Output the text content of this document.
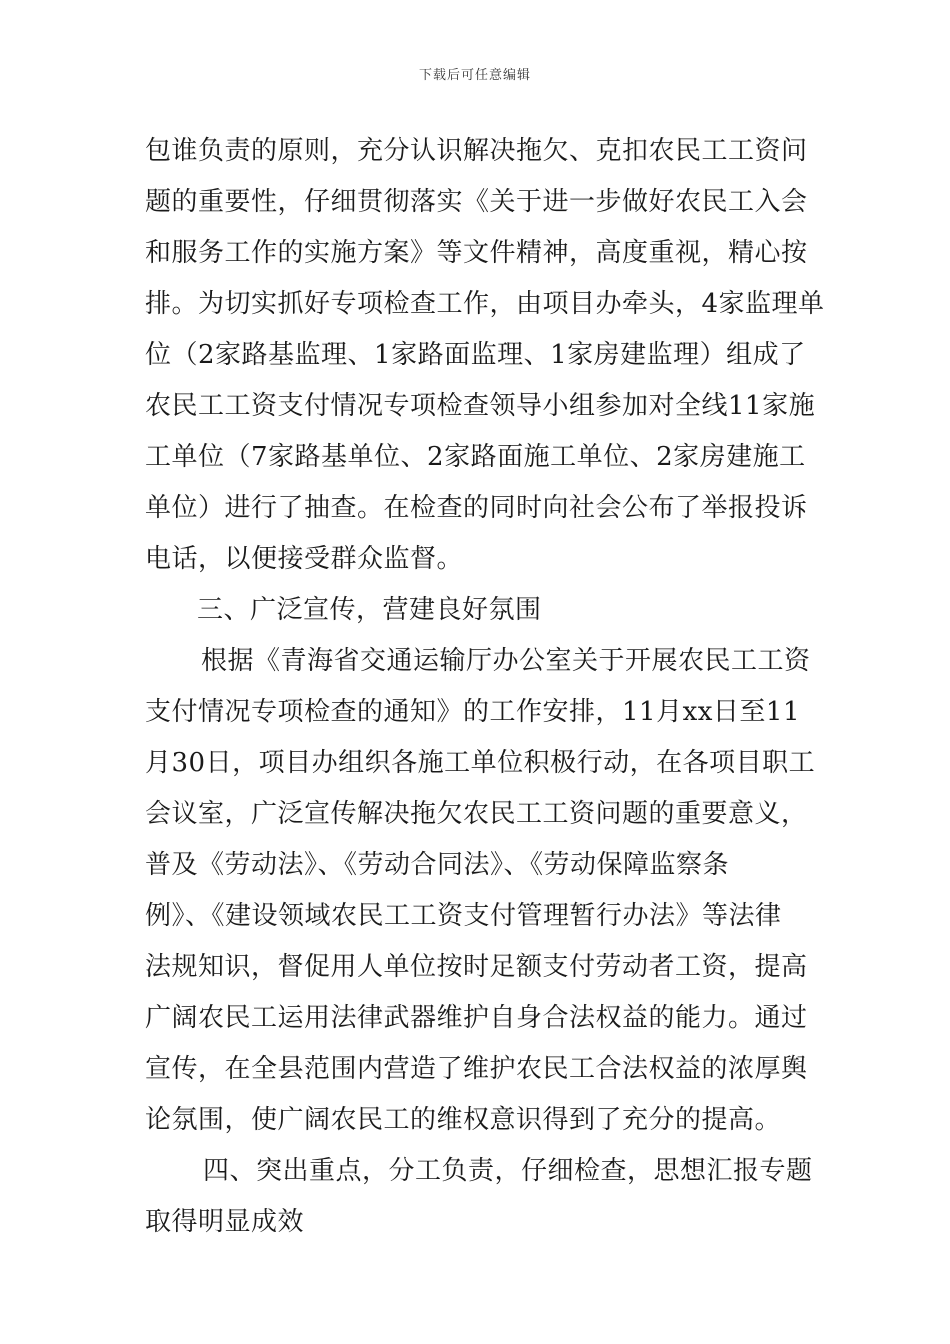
下载后可任意编辑
包谁负责的原则，充分认识解决拖欠、克扣农民工工资问
题的重要性，仔细贯彻落实《关于进一步做好农民工入会
和服务工作的实施方案》等文件精神，高度重视，精心按
排。为切实抓好专项检查工作，由项目办牵头，4家监理单
位（2家路基监理、1家路面监理、1家房建监理）组成了
农民工工资支付情况专项检查领导小组参加对全线11家施
工单位（7家路基单位、2家路面施工单位、2家房建施工
单位）进行了抽查。在检查的同时向社会公布了举报投诉
电话，以便接受群众监督。
三、广泛宣传，营建良好氛围
根据《青海省交通运输厅办公室关于开展农民工工资
支付情况专项检查的通知》的工作安排，11月xx日至11
月30日，项目办组织各施工单位积极行动，在各项目职工
会议室，广泛宣传解决拖欠农民工工资问题的重要意义，
普及《劳动法》、《劳动合同法》、《劳动保障监察条
例》、《建设领域农民工工资支付管理暂行办法》等法律
法规知识，督促用人单位按时足额支付劳动者工资，提高
广阔农民工运用法律武器维护自身合法权益的能力。通过
宣传，在全县范围内营造了维护农民工合法权益的浓厚舆
论氛围，使广阔农民工的维权意识得到了充分的提高。
四、突出重点，分工负责，仔细检查，思想汇报专题
取得明显成效
